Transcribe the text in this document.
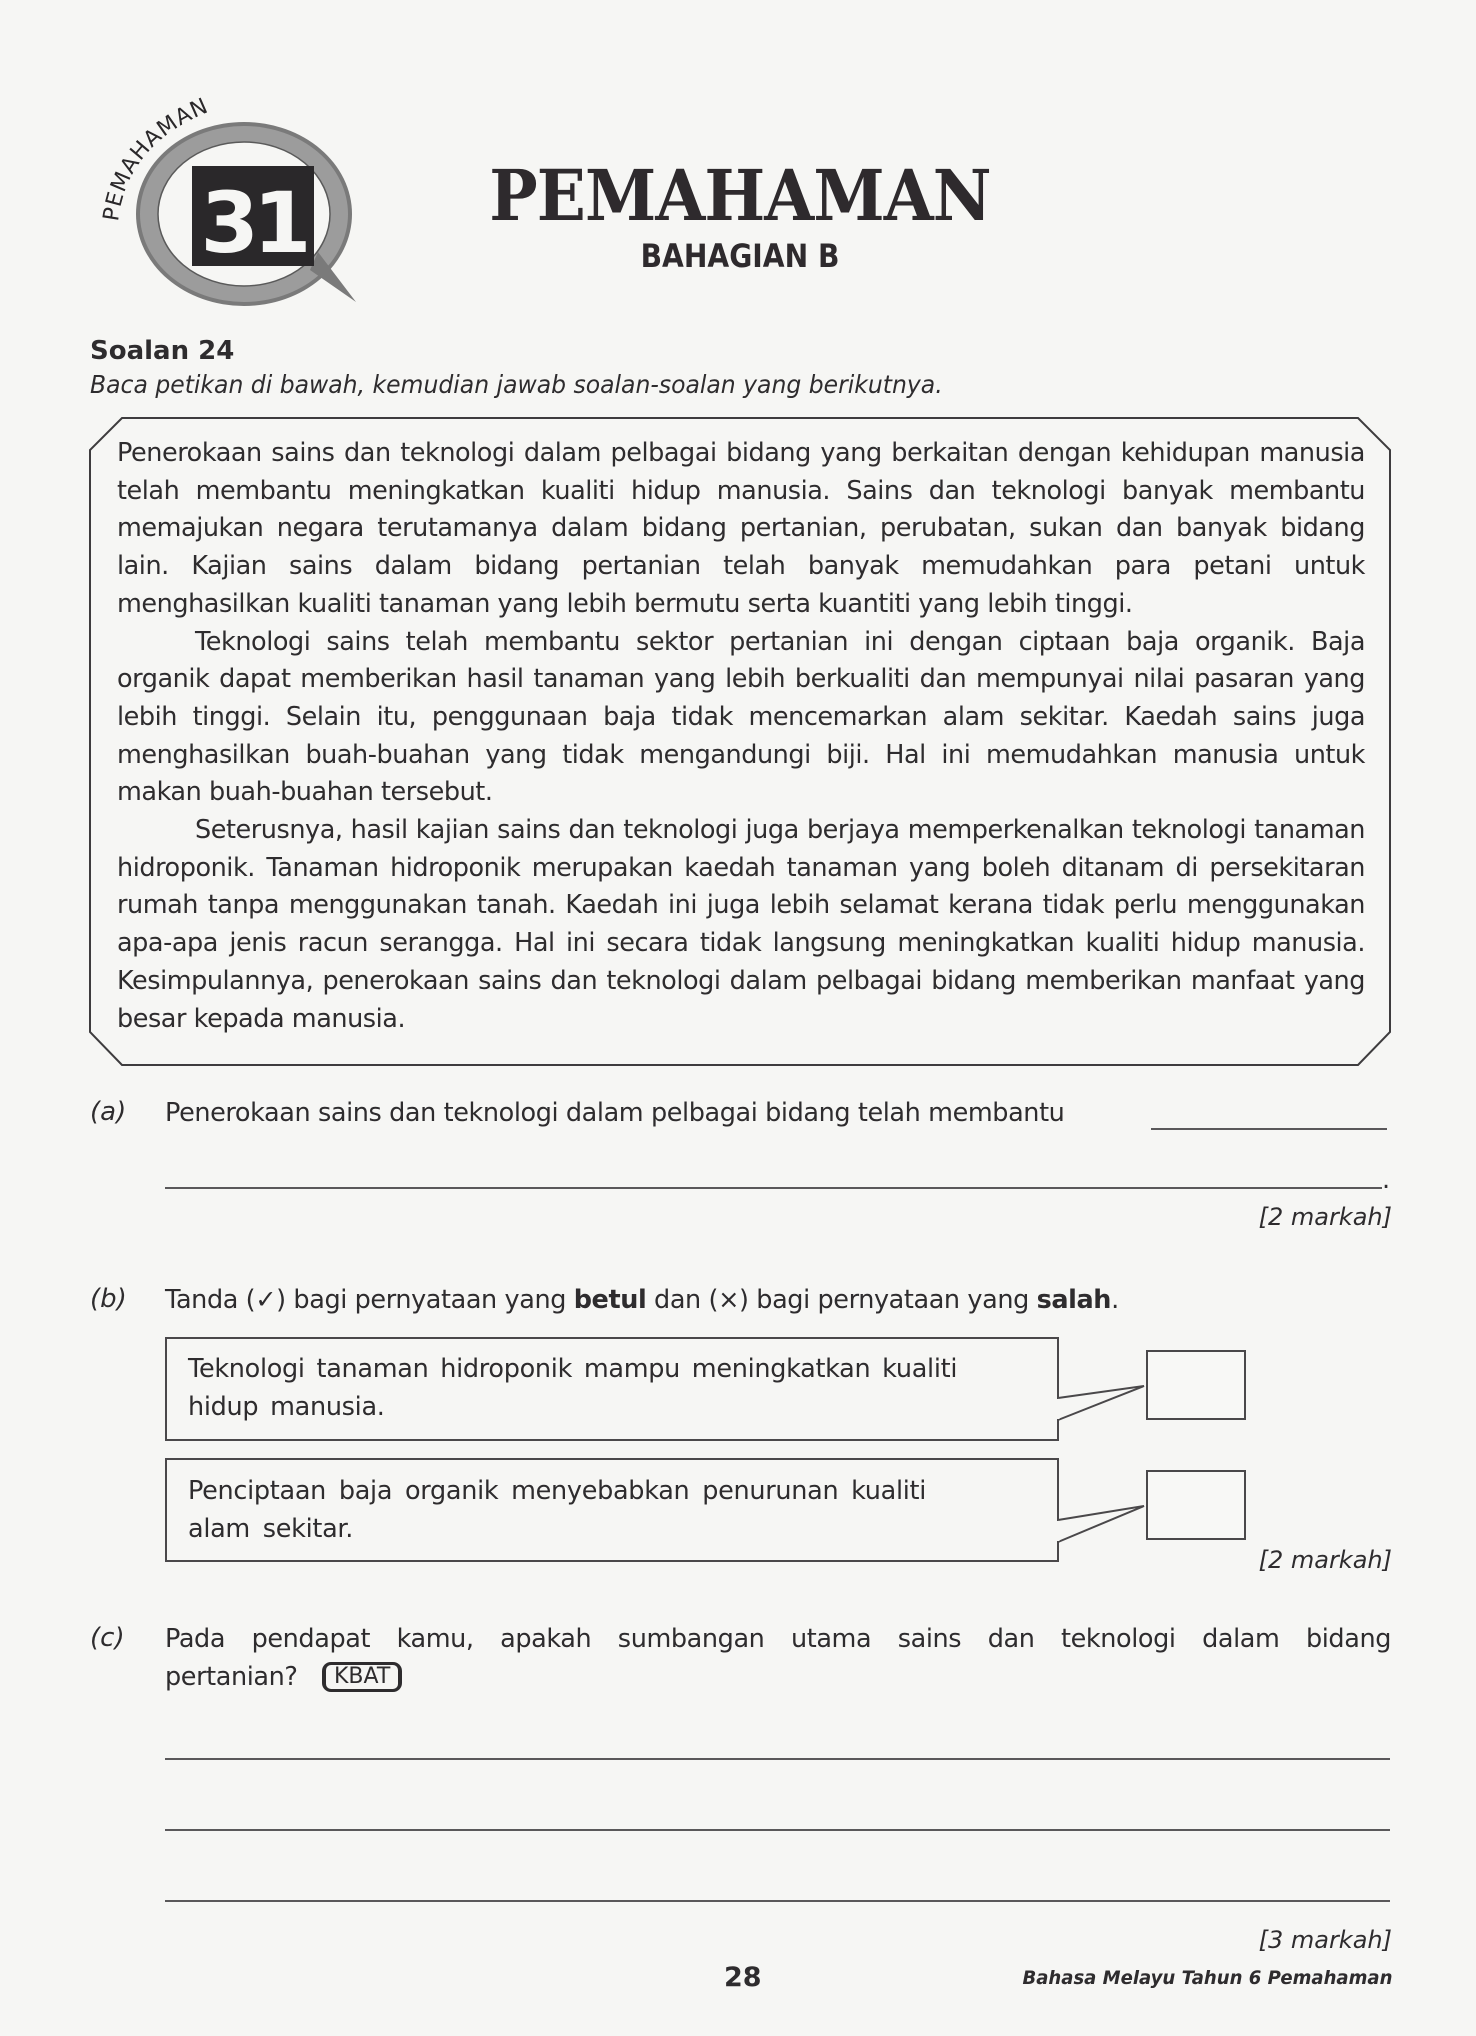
31
PEMAHAMAN
PEMAHAMAN
BAHAGIAN B
Soalan 24
Baca petikan di bawah, kemudian jawab soalan-soalan yang berikutnya.

Penerokaan sains dan teknologi dalam pelbagai bidang yang berkaitan dengan kehidupan manusia telah membantu meningkatkan kualiti hidup manusia. Sains dan teknologi banyak membantu memajukan negara terutamanya dalam bidang pertanian, perubatan, sukan dan banyak bidang lain. Kajian sains dalam bidang pertanian telah banyak memudahkan para petani untuk menghasilkan kualiti tanaman yang lebih bermutu serta kuantiti yang lebih tinggi.

Teknologi sains telah membantu sektor pertanian ini dengan ciptaan baja organik. Baja organik dapat memberikan hasil tanaman yang lebih berkualiti dan mempunyai nilai pasaran yang lebih tinggi. Selain itu, penggunaan baja tidak mencemarkan alam sekitar. Kaedah sains juga menghasilkan buah-buahan yang tidak mengandungi biji. Hal ini memudahkan manusia untuk makan buah-buahan tersebut.

Seterusnya, hasil kajian sains dan teknologi juga berjaya memperkenalkan teknologi tanaman hidroponik. Tanaman hidroponik merupakan kaedah tanaman yang boleh ditanam di persekitaran rumah tanpa menggunakan tanah. Kaedah ini juga lebih selamat kerana tidak perlu menggunakan apa-apa jenis racun serangga. Hal ini secara tidak langsung meningkatkan kualiti hidup manusia. Kesimpulannya, penerokaan sains dan teknologi dalam pelbagai bidang memberikan manfaat yang besar kepada manusia.

(a) Penerokaan sains dan teknologi dalam pelbagai bidang telah membantu
.
[2 markah]
(b) Tanda (✓) bagi pernyataan yang betul dan (×) bagi pernyataan yang salah.
Teknologi tanaman hidroponik mampu meningkatkan kualiti
hidup manusia.
Penciptaan baja organik menyebabkan penurunan kualiti
alam sekitar.
[2 markah]
(c) Pada pendapat kamu, apakah sumbangan utama sains dan teknologi dalam bidang
pertanian?	KBAT
[3 markah]
28	Bahasa Melayu Tahun 6 Pemahaman
